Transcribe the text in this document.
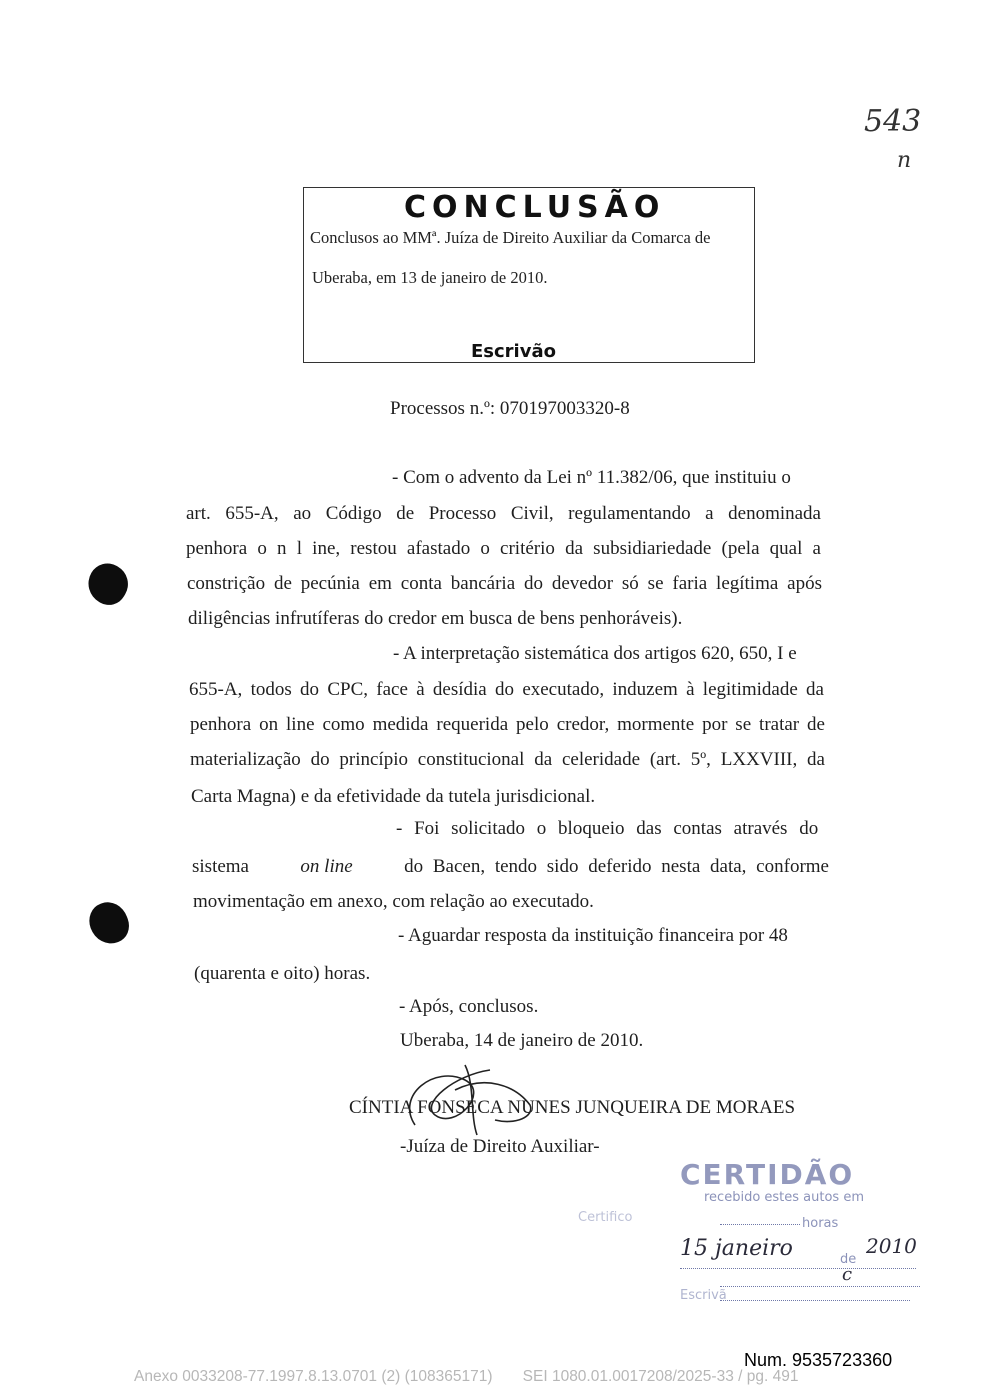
543
n
CONCLUSÃO
Conclusos ao MMª. Juíza de Direito Auxiliar da Comarca de
Uberaba, em 13 de janeiro de 2010.
Escrivão
Processos n.º: 070197003320-8
- Com o advento da Lei nº 11.382/06, que instituiu o
art. 655-A, ao Código de Processo Civil, regulamentando a denominada
penhora o n l ine, restou afastado o critério da subsidiariedade (pela qual a
constrição de pecúnia em conta bancária do devedor só se faria legítima após
diligências infrutíferas do credor em busca de bens penhoráveis).
- A interpretação sistemática dos artigos 620, 650, I e
655-A, todos do CPC, face à desídia do executado, induzem à legitimidade da
penhora on line como medida requerida pelo credor, mormente por se tratar de
materialização do princípio constitucional da celeridade (art. 5º, LXXVIII, da
Carta Magna) e da efetividade da tutela jurisdicional.
- Foi solicitado o bloqueio das contas através do
sistema	on line	do Bacen, tendo sido deferido nesta data, conforme
movimentação em anexo, com relação ao executado.
- Aguardar resposta da instituição financeira por 48
(quarenta e oito) horas.
- Após, conclusos.
Uberaba, 14 de janeiro de 2010.
CÍNTIA FONSECA NUNES JUNQUEIRA DE MORAES
-Juíza de Direito Auxiliar-
CERTIDÃO
Certifico
recebido estes autos em
horas
15 janeiro	de
2010
c
Escrivã
Num. 9535723360
Anexo 0033208-77.1997.8.13.0701 (2) (108365171)       SEI 1080.01.0017208/2025-33 / pg. 491
